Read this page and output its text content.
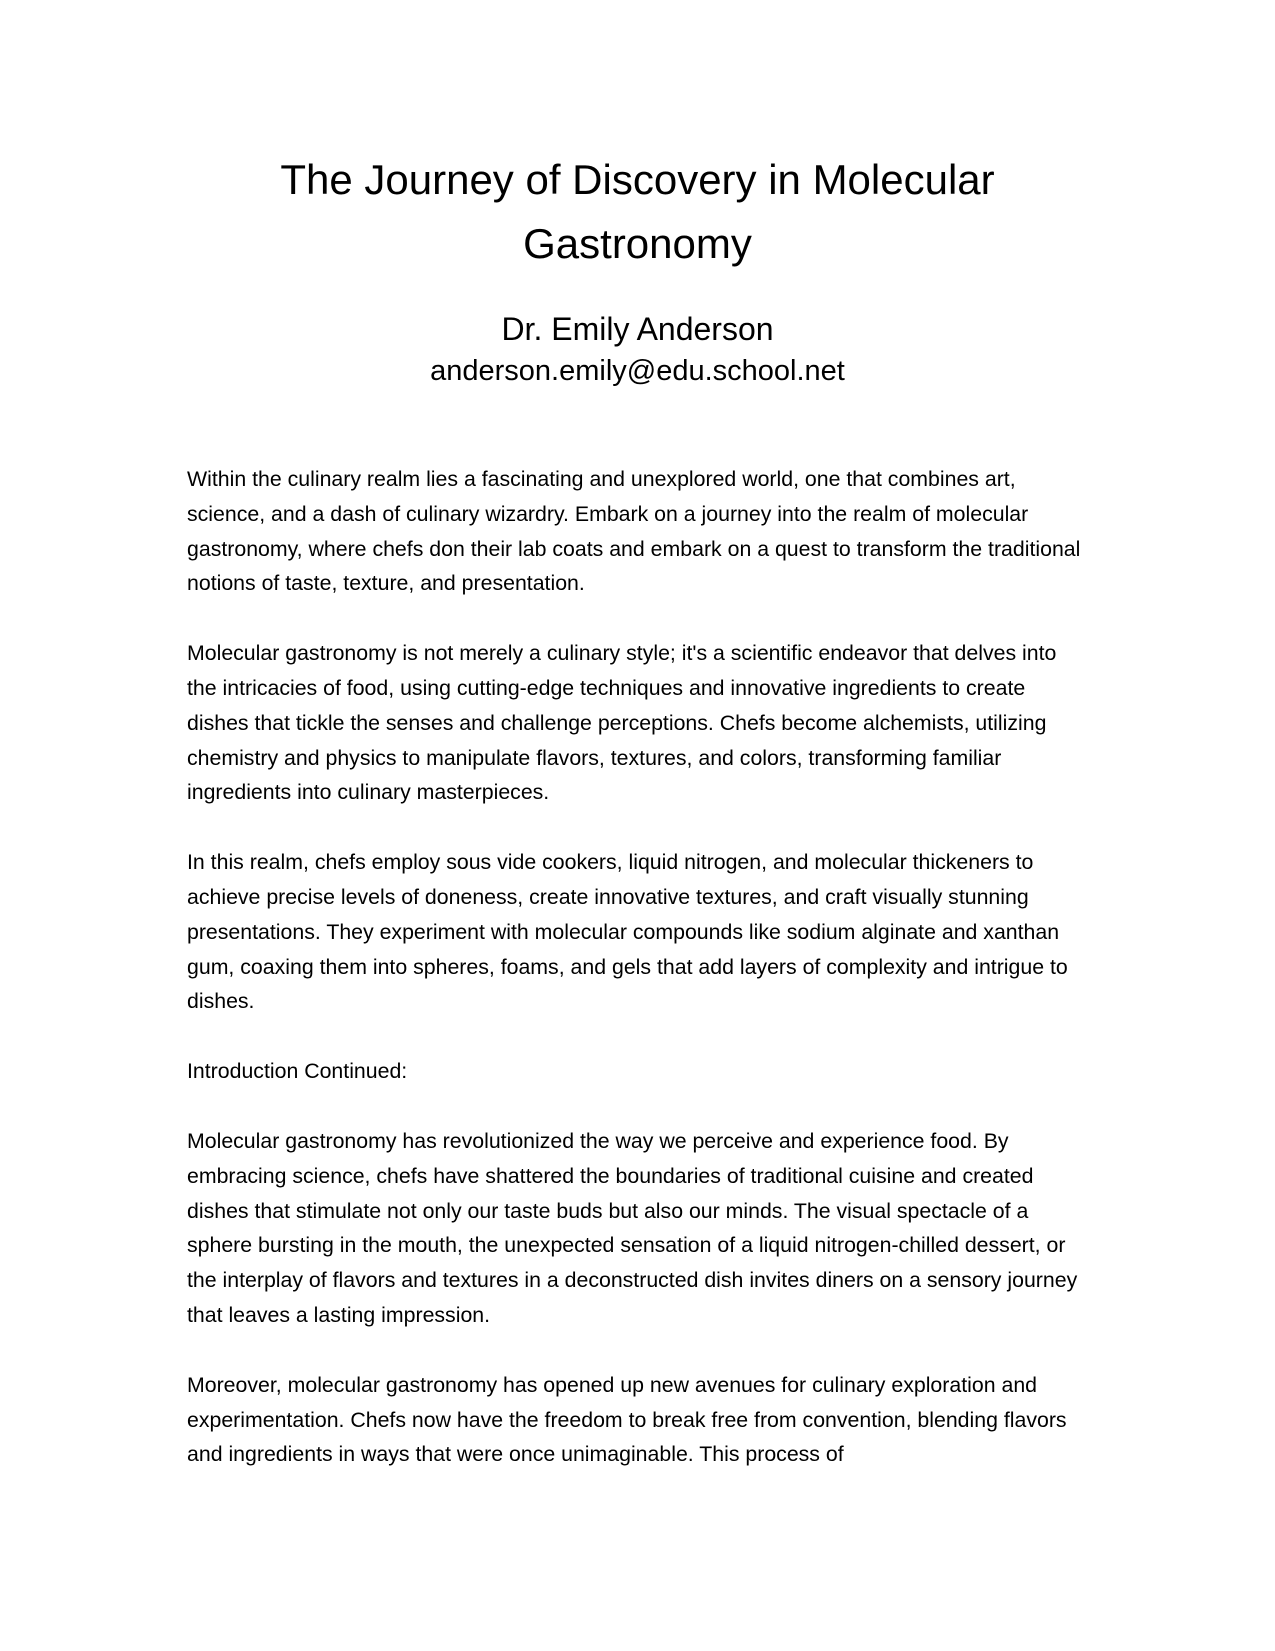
The Journey of Discovery in Molecular Gastronomy
Dr. Emily Anderson
anderson.emily@edu.school.net

Within the culinary realm lies a fascinating and unexplored world, one that combines art, science, and a dash of culinary wizardry. Embark on a journey into the realm of molecular gastronomy, where chefs don their lab coats and embark on a quest to transform the traditional notions of taste, texture, and presentation.

Molecular gastronomy is not merely a culinary style; it's a scientific endeavor that delves into the intricacies of food, using cutting-edge techniques and innovative ingredients to create dishes that tickle the senses and challenge perceptions. Chefs become alchemists, utilizing chemistry and physics to manipulate flavors, textures, and colors, transforming familiar ingredients into culinary masterpieces.

In this realm, chefs employ sous vide cookers, liquid nitrogen, and molecular thickeners to achieve precise levels of doneness, create innovative textures, and craft visually stunning presentations. They experiment with molecular compounds like sodium alginate and xanthan gum, coaxing them into spheres, foams, and gels that add layers of complexity and intrigue to dishes.

Introduction Continued:

Molecular gastronomy has revolutionized the way we perceive and experience food. By embracing science, chefs have shattered the boundaries of traditional cuisine and created dishes that stimulate not only our taste buds but also our minds. The visual spectacle of a sphere bursting in the mouth, the unexpected sensation of a liquid nitrogen-chilled dessert, or the interplay of flavors and textures in a deconstructed dish invites diners on a sensory journey that leaves a lasting impression.

Moreover, molecular gastronomy has opened up new avenues for culinary exploration and experimentation. Chefs now have the freedom to break free from convention, blending flavors and ingredients in ways that were once unimaginable. This process of
